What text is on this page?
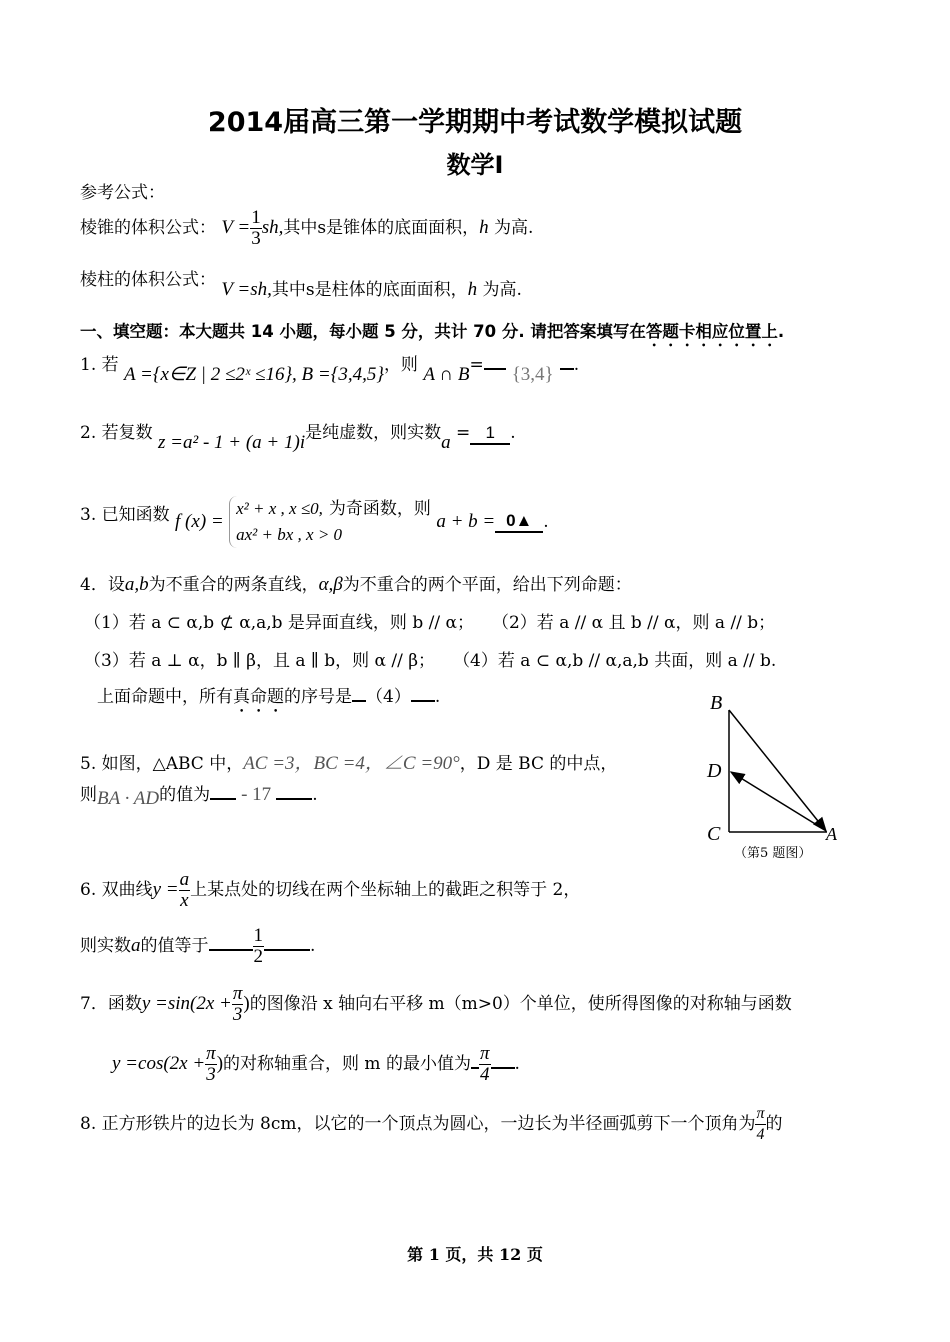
2014届高三第一学期期中考试数学模拟试题
数学Ⅰ
参考公式：
棱锥的体积公式： $V = \frac{1}{3}$ sh,其中s是锥体的底面面积，h 为高.
棱柱的体积公式： V =sh,其中s是柱体的底面面积，h 为高.
一、填空题：本大题共 14 小题，每小题 5 分，共计 70 分. 请把答案填写在答题卡相应位置上.
1. 若 A ={x∈Z | 2 ≤2ˣ ≤16}, B ={3,4,5}，则 A ∩ B= {3,4} .
2. 若复数 z =a² - 1 + (a + 1)i是纯虚数，则实数a = 1 .
3. 已知函数 f (x) =
x² + x , x ≤0, 为奇函数，则
ax² + bx , x > 0
a + b = 0▲ .
4．设a,b为不重合的两条直线，α,β为不重合的两个平面，给出下列命题：
（1）若 a ⊂ α,b ⊄ α,a,b 是异面直线，则 b // α； （2）若 a // α 且 b // α，则 a // b；
（3）若 a ⊥ α，b ∥ β，且 a ∥ b，则 α // β； （4）若 a ⊂ α,b // α,a,b 共面，则 a // b.
上面命题中，所有真命题的序号是 （4） .
5. 如图，△ABC 中，AC =3，BC =4，∠C =90°，D 是 BC 的中点，
则BA · AD的值为 - 17 .
B
D
C	A
（第5 题图）
6. 双曲线$y = \frac{a}{x}$ 上某点处的切线在两个坐标轴上的截距之积等于 2，
则实数a的值等于 $\frac{1}{2}$	.
7．函数$y =\sin(2x + \frac{\pi}{3}$ )的图像沿 x 轴向右平移 m（m>0）个单位，使所得图像的对称轴与函数
$y =\cos(2x + \frac{\pi}{3}$ )的对称轴重合，则 m 的最小值为 $\frac{\pi}{4}$ .
8. 正方形铁片的边长为 8cm，以它的一个顶点为圆心，一边长为半径画弧剪下一个顶角为 $\frac{\pi}{4}$ 的
第 1 页，共 12 页
